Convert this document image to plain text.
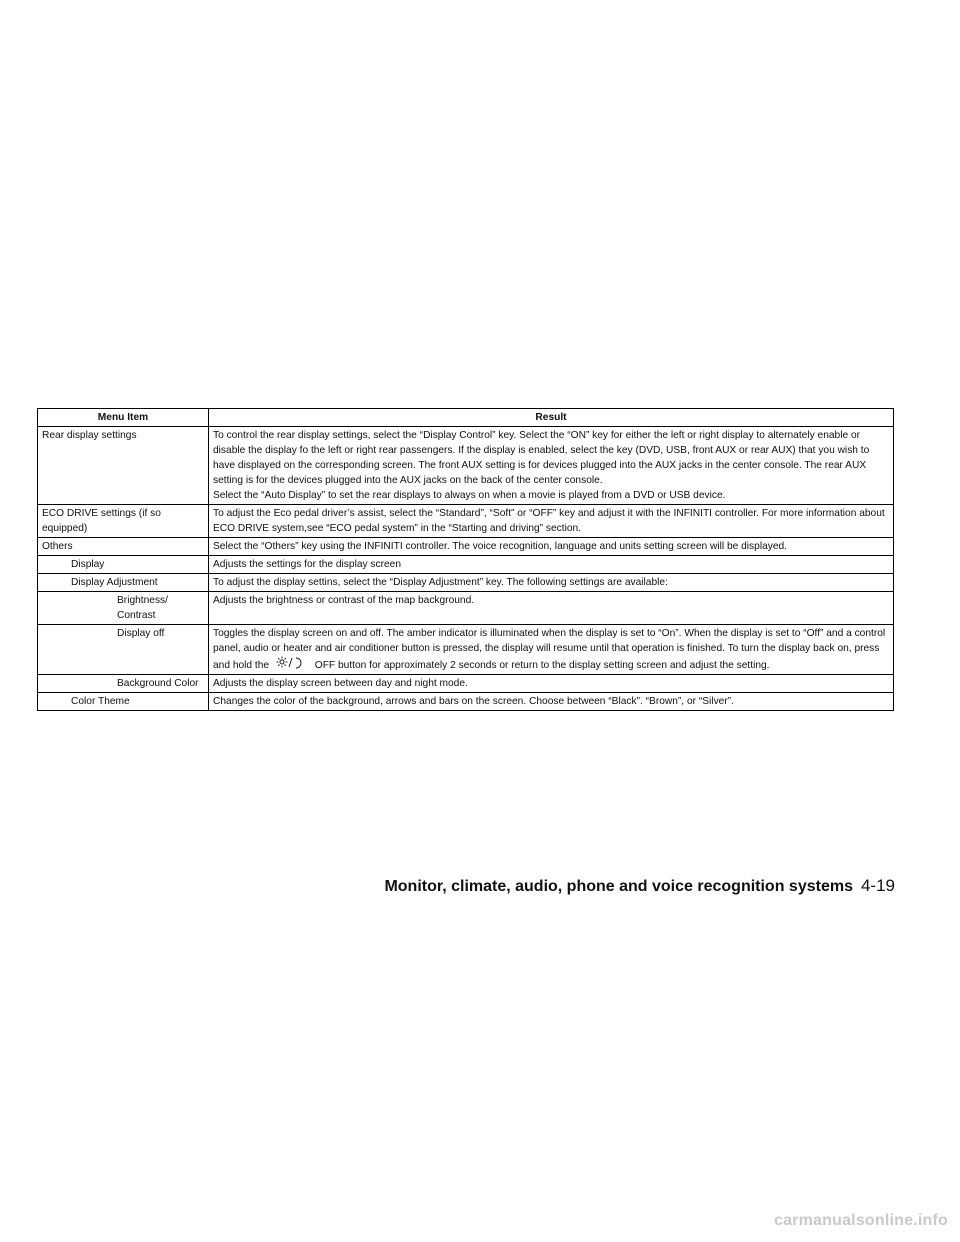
Menu Item	Result
Rear display settings	To control the rear display settings, select the “Display Control” key. Select the “ON” key for either the left or right display to alternately enable or disable the display fo the left or right rear passengers. If the display is enabled, select the key (DVD, USB, front AUX or rear AUX) that you wish to have displayed on the corresponding screen. The front AUX setting is for devices plugged into the AUX jacks in the center console. The rear AUX setting is for the devices plugged into the AUX jacks on the back of the center console.
Select the “Auto Display” to set the rear displays to always on when a movie is played from a DVD or USB device.

ECO DRIVE settings (if so equipped)	To adjust the Eco pedal driver’s assist, select the “Standard”, “Soft” or “OFF” key and adjust it with the INFINITI controller. For more information about ECO DRIVE system,see “ECO pedal system” in the “Starting and driving” section.
Others	Select the “Others” key using the INFINITI controller. The voice recognition, language and units setting screen will be displayed.
Display	Adjusts the settings for the display screen
Display Adjustment	To adjust the display settins, select the “Display Adjustment” key. The following settings are available:
Brightness/ Contrast	Adjusts the brightness or contrast of the map background.
Display off	Toggles the display screen on and off. The amber indicator is illuminated when the display is set to “On”. When the display is set to “Off” and a control panel, audio or heater and air conditioner button is pressed, the display will resume until that operation is finished. To turn the display back on, press and hold the OFF button for approximately 2 seconds or return to the display setting screen and adjust the setting.
Background Color	Adjusts the display screen between day and night mode.
Color Theme	Changes the color of the background, arrows and bars on the screen. Choose between “Black”. “Brown”, or “Silver”.
Monitor, climate, audio, phone and voice recognition systems 4-19
carmanualsonline.info
